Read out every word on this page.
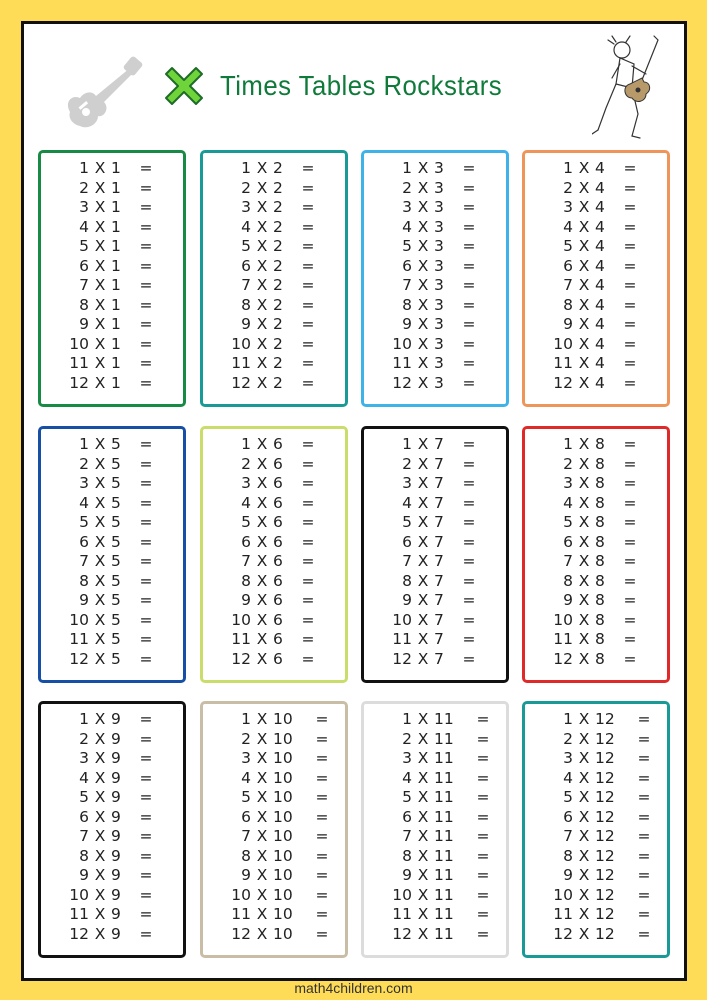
Times Tables Rockstars
1 X 1	=
2 X 1	=
3 X 1	=
4 X 1	=
5 X 1	=
6 X 1	=
7 X 1	=
8 X 1	=
9 X 1	=
10 X 1	=
11 X 1	=
12 X 1	=
1 X 2	=
2 X 2	=
3 X 2	=
4 X 2	=
5 X 2	=
6 X 2	=
7 X 2	=
8 X 2	=
9 X 2	=
10 X 2	=
11 X 2	=
12 X 2	=
1 X 3	=
2 X 3	=
3 X 3	=
4 X 3	=
5 X 3	=
6 X 3	=
7 X 3	=
8 X 3	=
9 X 3	=
10 X 3	=
11 X 3	=
12 X 3	=
1 X 4	=
2 X 4	=
3 X 4	=
4 X 4	=
5 X 4	=
6 X 4	=
7 X 4	=
8 X 4	=
9 X 4	=
10 X 4	=
11 X 4	=
12 X 4	=
1 X 5	=
2 X 5	=
3 X 5	=
4 X 5	=
5 X 5	=
6 X 5	=
7 X 5	=
8 X 5	=
9 X 5	=
10 X 5	=
11 X 5	=
12 X 5	=
1 X 6	=
2 X 6	=
3 X 6	=
4 X 6	=
5 X 6	=
6 X 6	=
7 X 6	=
8 X 6	=
9 X 6	=
10 X 6	=
11 X 6	=
12 X 6	=
1 X 7	=
2 X 7	=
3 X 7	=
4 X 7	=
5 X 7	=
6 X 7	=
7 X 7	=
8 X 7	=
9 X 7	=
10 X 7	=
11 X 7	=
12 X 7	=
1 X 8	=
2 X 8	=
3 X 8	=
4 X 8	=
5 X 8	=
6 X 8	=
7 X 8	=
8 X 8	=
9 X 8	=
10 X 8	=
11 X 8	=
12 X 8	=
1 X 9	=
2 X 9	=
3 X 9	=
4 X 9	=
5 X 9	=
6 X 9	=
7 X 9	=
8 X 9	=
9 X 9	=
10 X 9	=
11 X 9	=
12 X 9	=
1 X 10	=
2 X 10	=
3 X 10	=
4 X 10	=
5 X 10	=
6 X 10	=
7 X 10	=
8 X 10	=
9 X 10	=
10 X 10	=
11 X 10	=
12 X 10	=
1 X 11	=
2 X 11	=
3 X 11	=
4 X 11	=
5 X 11	=
6 X 11	=
7 X 11	=
8 X 11	=
9 X 11	=
10 X 11	=
11 X 11	=
12 X 11	=
1 X 12	=
2 X 12	=
3 X 12	=
4 X 12	=
5 X 12	=
6 X 12	=
7 X 12	=
8 X 12	=
9 X 12	=
10 X 12	=
11 X 12	=
12 X 12	=
math4children.com
